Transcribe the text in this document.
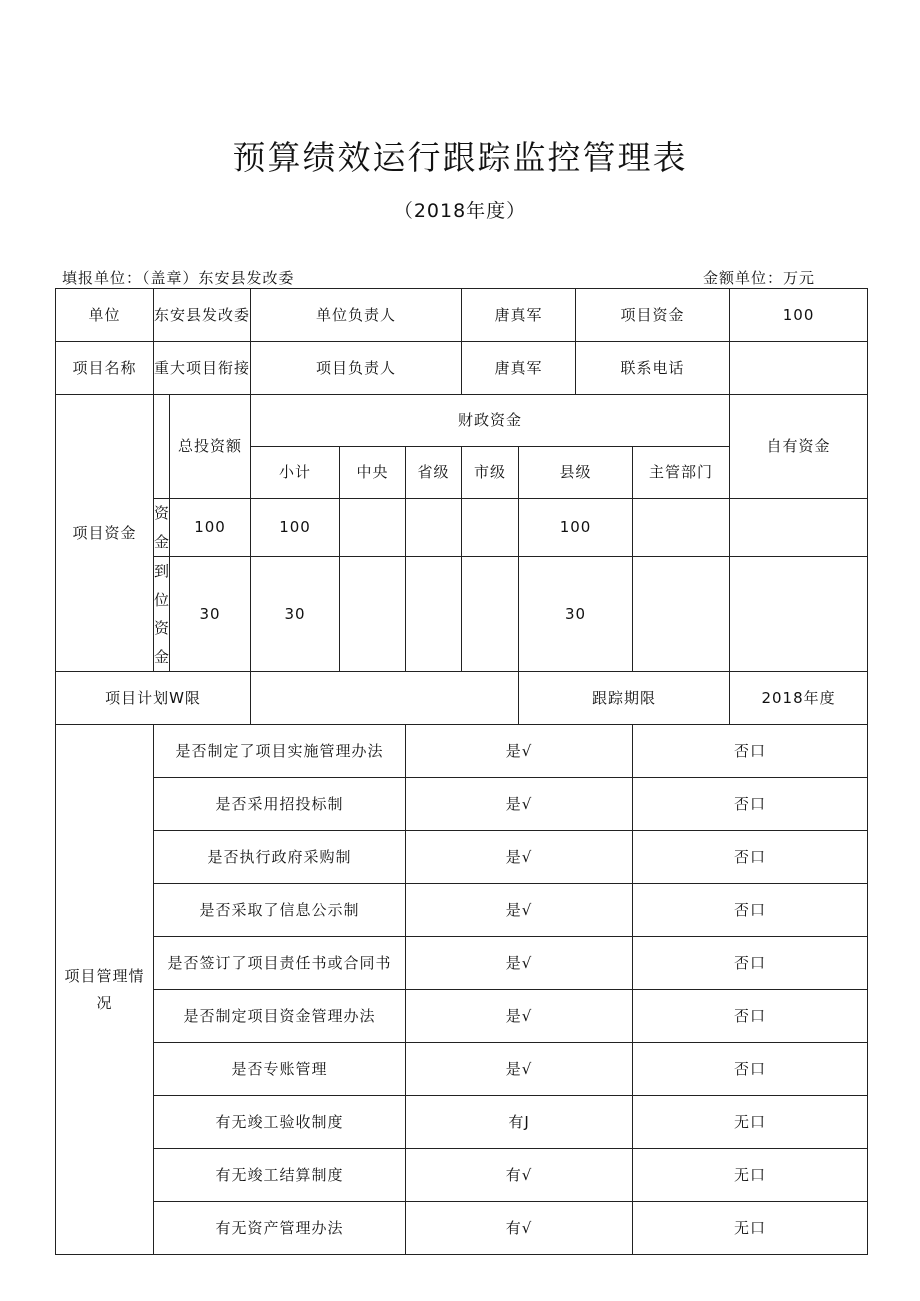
预算绩效运行跟踪监控管理表
（2018年度）
填报单位：（盖章）东安县发改委	金额单位：万元
单位	东安县发改委		单位负责人			唐真军		项目资金		100
项目名称	重大项目衔接		项目负责人			唐真军		联系电话		
项目资金		总投资额	财政资金							自有资金
			小计	中央	省级	市级	县级		主管部门	
	资金	100	100				100			
	到位资金	30	30				30			
项目计划W限							跟踪期限			2018年度
项目管理情况	是否制定了项目实施管理办法				是√				否口	
	是否采用招投标制				是√				否口	
	是否执行政府采购制				是√				否口	
	是否采取了信息公示制				是√				否口	
	是否签订了项目责任书或合同书				是√				否口	
	是否制定项目资金管理办法				是√				否口	
	是否专账管理				是√				否口	
	有无竣工验收制度				有J				无口	
	有无竣工结算制度				有√				无口	
	有无资产管理办法				有√				无口	
